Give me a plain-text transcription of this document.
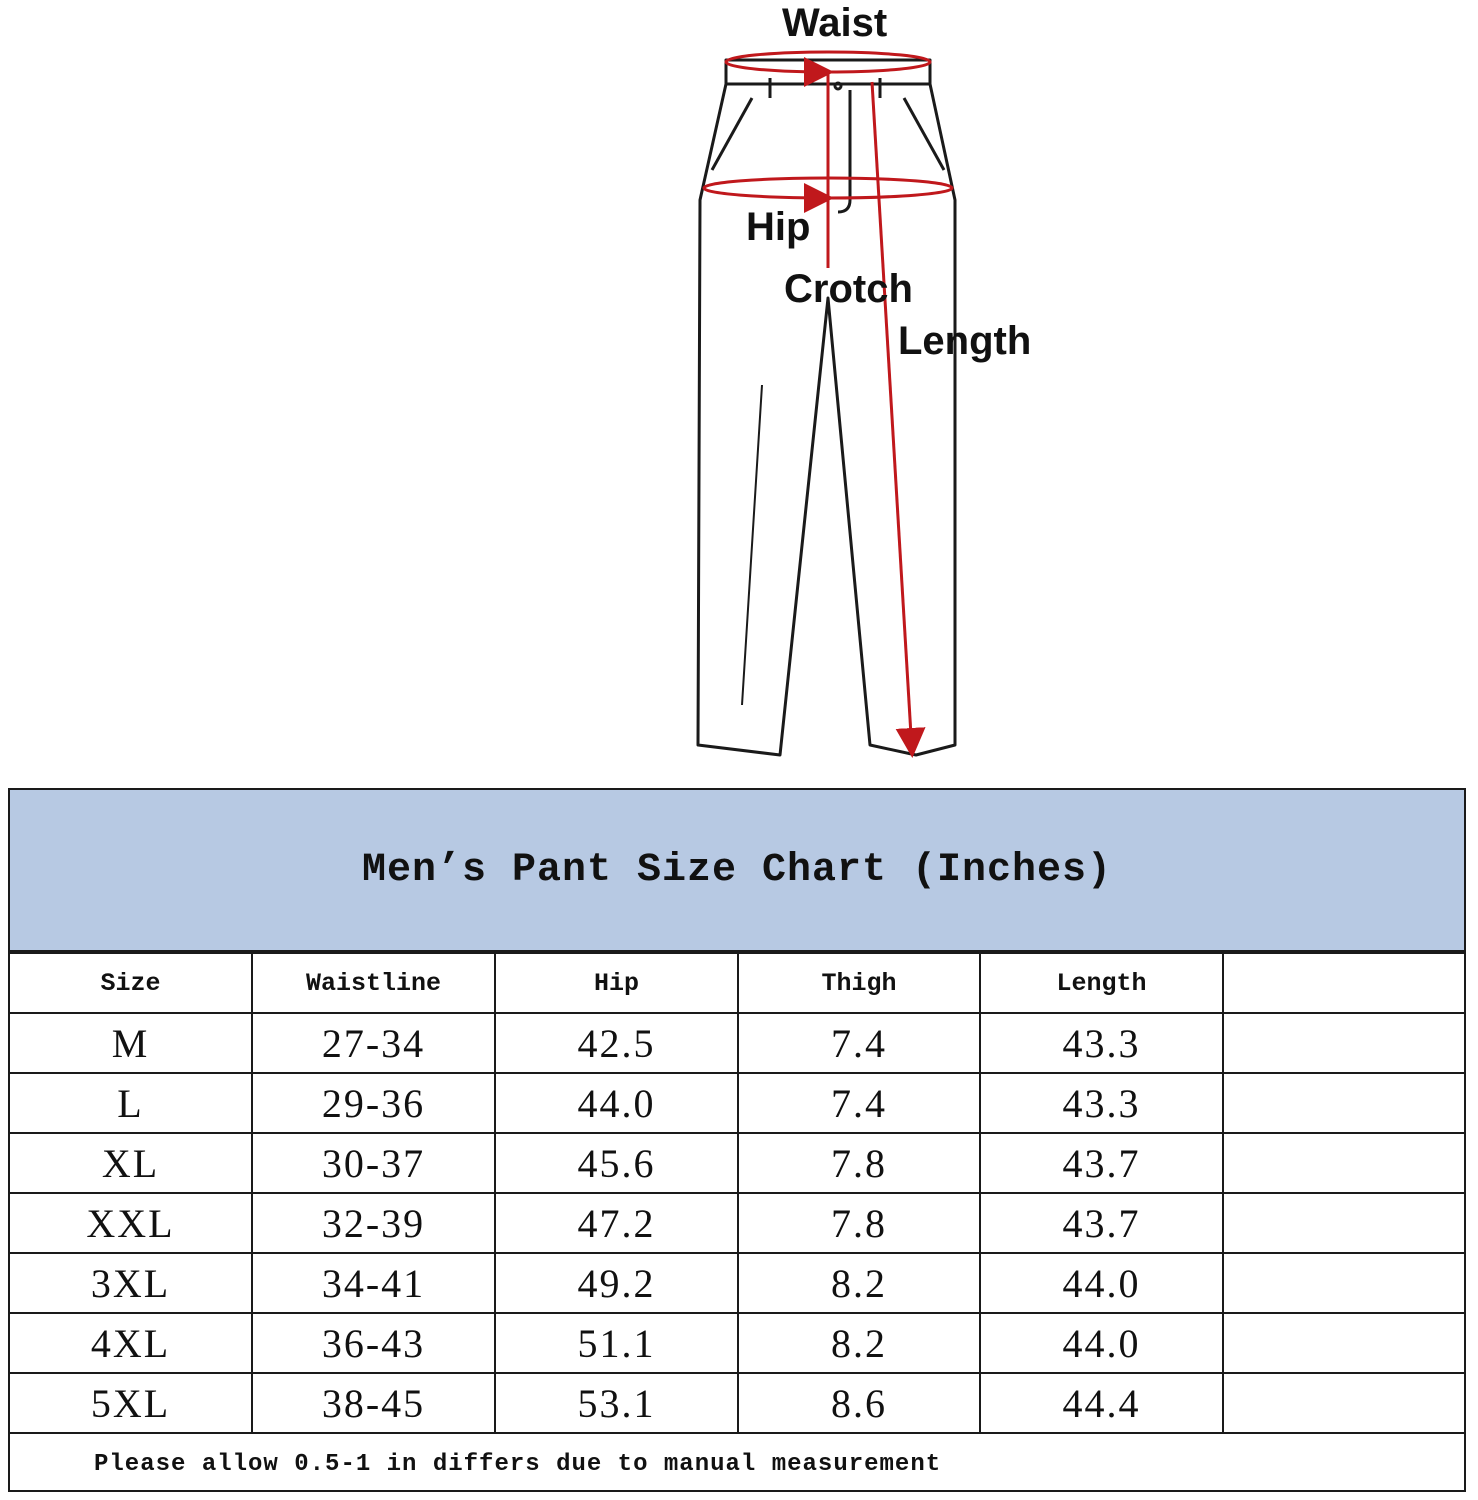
Waist
Hip
Crotch
Length
Men’s Pant Size Chart (Inches)
Size	Waistline	Hip	Thigh	Length	
M	27-34	42.5	7.4	43.3	
L	29-36	44.0	7.4	43.3	
XL	30-37	45.6	7.8	43.7	
XXL	32-39	47.2	7.8	43.7	
3XL	34-41	49.2	8.2	44.0	
4XL	36-43	51.1	8.2	44.0	
5XL	38-45	53.1	8.6	44.4	
Please allow 0.5-1 in differs due to manual measurement					
